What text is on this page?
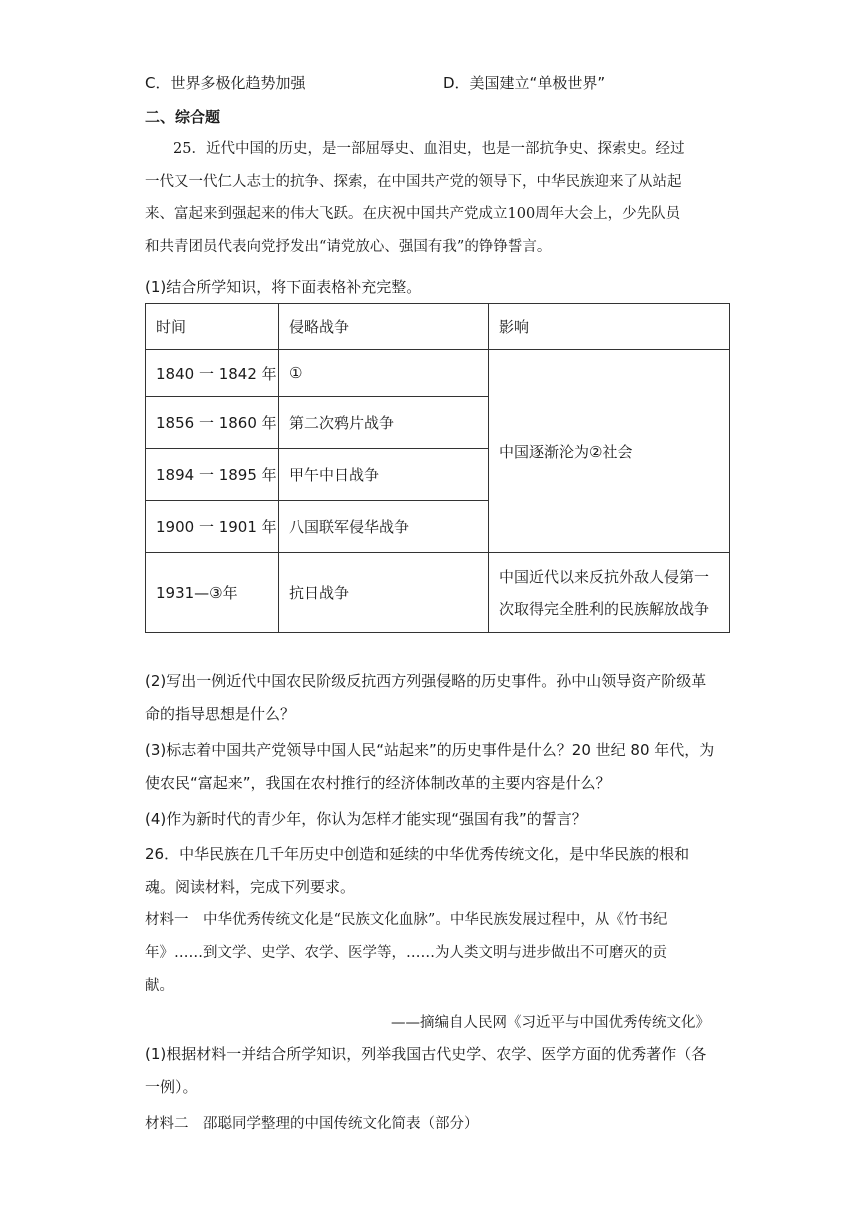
C．世界多极化趋势加强	D．美国建立“单极世界”
二、综合题
25．近代中国的历史，是一部屈辱史、血泪史，也是一部抗争史、探索史。经过
一代又一代仁人志士的抗争、探索，在中国共产党的领导下，中华民族迎来了从站起
来、富起来到强起来的伟大飞跃。在庆祝中国共产党成立100周年大会上，少先队员
和共青团员代表向党抒发出“请党放心、强国有我”的铮铮誓言。
(1)结合所学知识，将下面表格补充完整。
时间	侵略战争	影响
1840 一 1842 年	①	中国逐渐沦为②社会
1856 一 1860 年	第二次鸦片战争	
1894 一 1895 年	甲午中日战争	
1900 一 1901 年	八国联军侵华战争	
1931—③年	抗日战争	中国近代以来反抗外敌人侵第一
次取得完全胜利的民族解放战争
(2)写出一例近代中国农民阶级反抗西方列强侵略的历史事件。孙中山领导资产阶级革
命的指导思想是什么？
(3)标志着中国共产党领导中国人民“站起来”的历史事件是什么？20 世纪 80 年代，为
使农民“富起来”，我国在农村推行的经济体制改革的主要内容是什么？
(4)作为新时代的青少年，你认为怎样才能实现“强国有我”的誓言？
26．中华民族在几千年历史中创造和延续的中华优秀传统文化，是中华民族的根和
魂。阅读材料，完成下列要求。
材料一　中华优秀传统文化是“民族文化血脉”。中华民族发展过程中，从《竹书纪
年》……到文学、史学、农学、医学等，……为人类文明与进步做出不可磨灭的贡
献。
——摘编自人民网《习近平与中国优秀传统文化》
(1)根据材料一并结合所学知识，列举我国古代史学、农学、医学方面的优秀著作（各
一例）。
材料二　邵聪同学整理的中国传统文化简表（部分）
